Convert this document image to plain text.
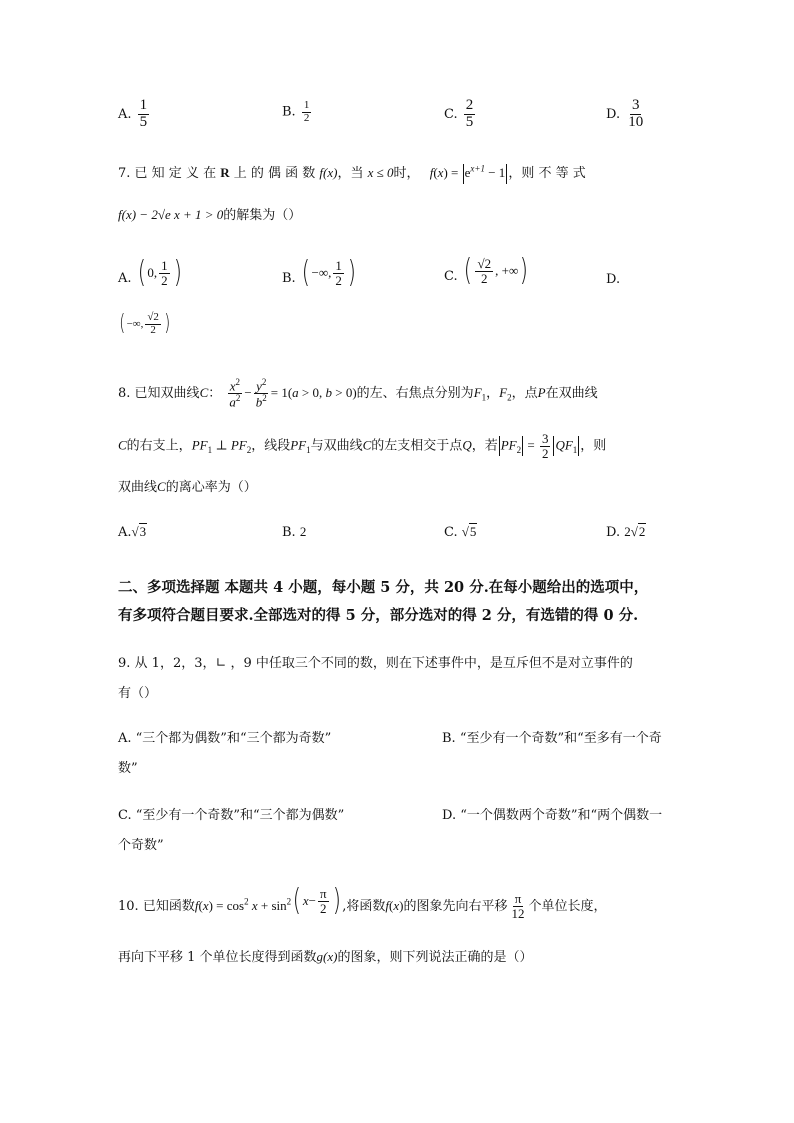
A. $\frac{1}{5}$	B. $\frac{1}{2}$	C. $\frac{2}{5}$	D. $\frac{3}{10}$
7. 已 知 定 义 在 R 上 的 偶 函 数 f(x)，当 x ≤ 0时， $f(x) = e^{x+1} - 1$ ，则 不 等 式
f(x) − 2√e x + 1 > 0的解集为（）
A. ( 0, $\frac{1}{2}$ )	B. ( −∞, $\frac{1}{2}$ )	C. ( $\frac{√2}{2}$ , +∞ )	D.
( −∞, $\frac{√2}{2}$ )
8. 已知双曲线C： $\frac{x^2}{a^2} - \frac{y^2}{b^2} = 1(a > 0$, b > 0)的左、右焦点分别为$F_1$，$F_2$，点P在双曲线
C的右支上，$PF_1$ ⊥ $PF_2$，线段$PF_1$与双曲线C的左支相交于点Q，若 $PF_2 = \frac{3}{2} QF_1$ ，则
双曲线C的离心率为（）
A.√3	B. 2	C. √5	D. 2√2
二、多项选择题 本题共 4 小题，每小题 5 分，共 20 分.在每小题给出的选项中，
有多项符合题目要求.全部选对的得 5 分，部分选对的得 2 分，有选错的得 0 分.
9. 从 1，2，3，∟ ，9 中任取三个不同的数，则在下述事件中，是互斥但不是对立事件的
有（）
A. “三个都为偶数”和“三个都为奇数”	B. “至少有一个奇数”和“至多有一个奇
数”
C. “至少有一个奇数”和“三个都为偶数”	D. “一个偶数两个奇数”和“两个偶数一
个奇数”
10. 已知函数$f(x) = \cos^2 x + \sin^2$ ( $x - \frac{\pi}{2}$ ) ,将函数f(x)的图象先向右平移 $\frac{\pi}{12}$ 个单位长度，
再向下平移 1 个单位长度得到函数g(x)的图象，则下列说法正确的是（）
